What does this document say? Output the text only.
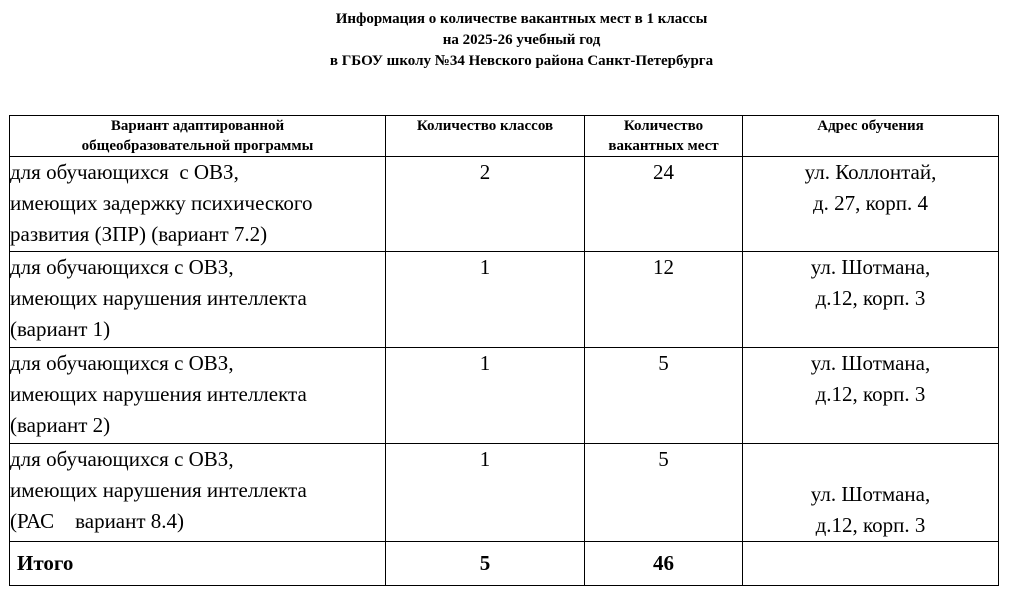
Информация о количестве вакантных мест в 1 классы
на 2025-26 учебный год
в ГБОУ школу №34 Невского района Санкт-Петербурга
Вариант адаптированной
общеобразовательной программы	Количество классов	Количество
вакантных мест	Адрес обучения

для обучающихся  с ОВЗ,
имеющих задержку психического
развития (ЗПР) (вариант 7.2)	2	24	ул. Коллонтай,
д. 27, корп. 4

для обучающихся с ОВЗ,
имеющих нарушения интеллекта
(вариант 1)	1	12	ул. Шотмана,
д.12, корп. 3

для обучающихся с ОВЗ,
имеющих нарушения интеллекта
(вариант 2)	1	5	ул. Шотмана,
д.12, корп. 3

для обучающихся с ОВЗ,
имеющих нарушения интеллекта
(РАС    вариант 8.4)	1	5	ул. Шотмана,
д.12, корп. 3

Итого	5	46	
